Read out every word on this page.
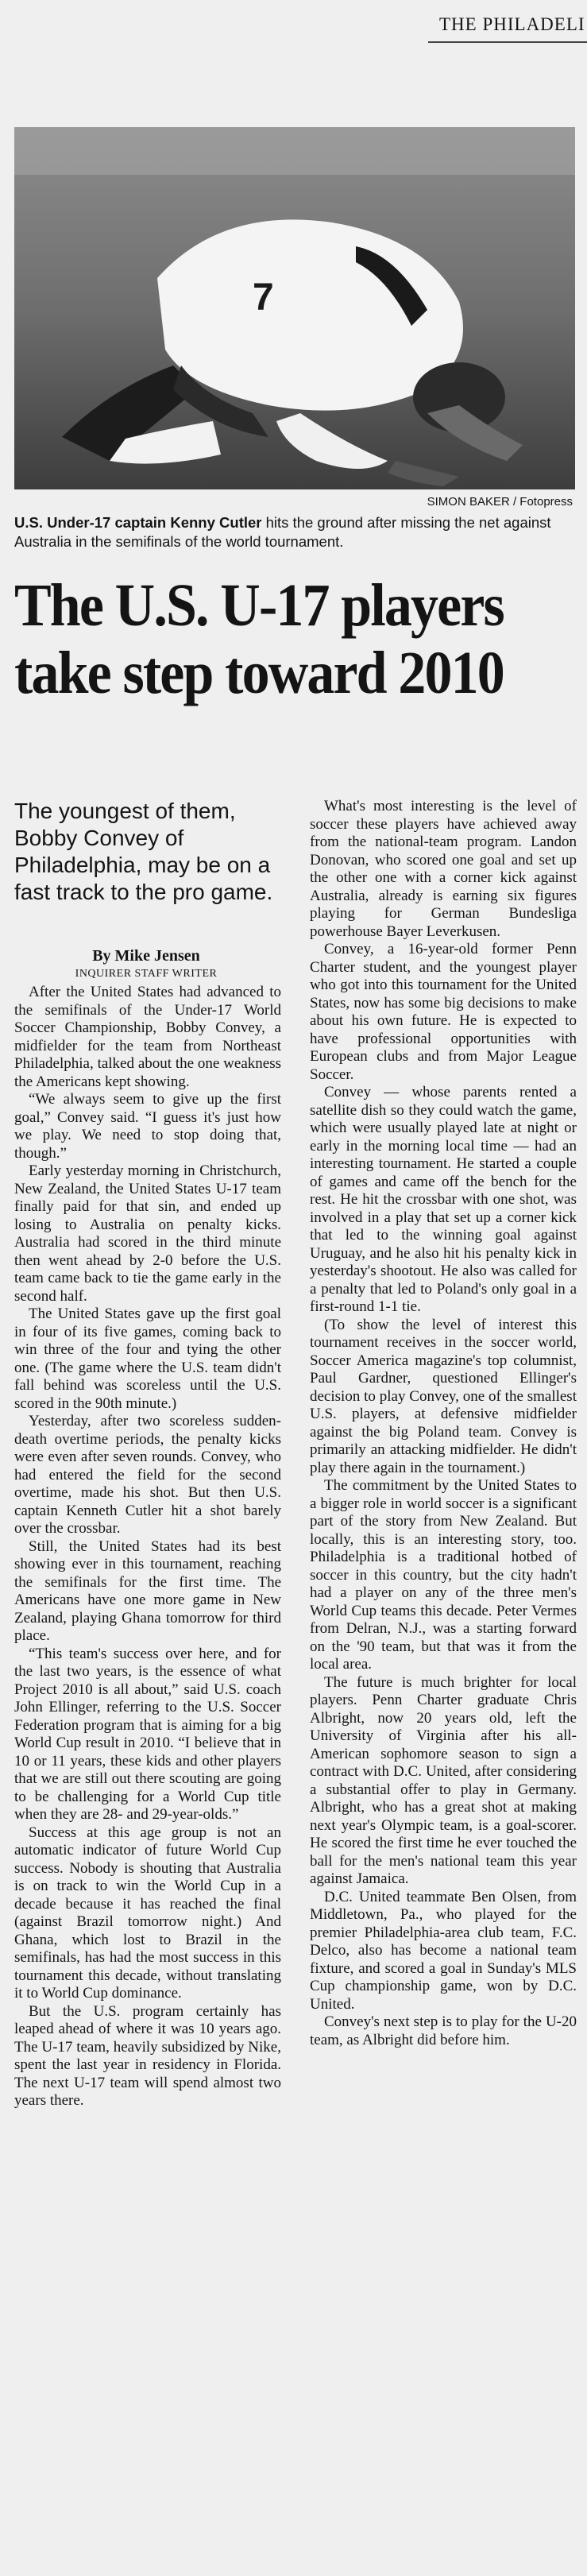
THE PHILADELI
7
SIMON BAKER / Fotopress
U.S. Under-17 captain Kenny Cutler hits the ground after missing the net against Australia in the semifinals of the world tournament.
The U.S. U-17 players
take step toward 2010
The youngest of them, Bobby Convey of Philadelphia, may be on a fast track to the pro game.
By Mike Jensen
INQUIRER STAFF WRITER

After the United States had advanced to the semifinals of the Under-17 World Soccer Championship, Bobby Convey, a midfielder for the team from Northeast Philadelphia, talked about the one weakness the Americans kept showing.

“We always seem to give up the first goal,” Convey said. “I guess it's just how we play. We need to stop doing that, though.”

Early yesterday morning in Christchurch, New Zealand, the United States U-17 team finally paid for that sin, and ended up losing to Australia on penalty kicks. Australia had scored in the third minute then went ahead by 2-0 before the U.S. team came back to tie the game early in the second half.

The United States gave up the first goal in four of its five games, coming back to win three of the four and tying the other one. (The game where the U.S. team didn't fall behind was scoreless until the U.S. scored in the 90th minute.)

Yesterday, after two scoreless sudden-death overtime periods, the penalty kicks were even after seven rounds. Convey, who had entered the field for the second overtime, made his shot. But then U.S. captain Kenneth Cutler hit a shot barely over the crossbar.

Still, the United States had its best showing ever in this tournament, reaching the semifinals for the first time. The Americans have one more game in New Zealand, playing Ghana tomorrow for third place.

“This team's success over here, and for the last two years, is the essence of what Project 2010 is all about,” said U.S. coach John Ellinger, referring to the U.S. Soccer Federation program that is aiming for a big World Cup result in 2010. “I believe that in 10 or 11 years, these kids and other players that we are still out there scouting are going to be challenging for a World Cup title when they are 28- and 29-year-olds.”

Success at this age group is not an automatic indicator of future World Cup success. Nobody is shouting that Australia is on track to win the World Cup in a decade because it has reached the final (against Brazil tomorrow night.) And Ghana, which lost to Brazil in the semifinals, has had the most success in this tournament this decade, without translating it to World Cup dominance.

But the U.S. program certainly has leaped ahead of where it was 10 years ago. The U-17 team, heavily subsidized by Nike, spent the last year in residency in Florida. The next U-17 team will spend almost two years there.

What's most interesting is the level of soccer these players have achieved away from the national-team program. Landon Donovan, who scored one goal and set up the other one with a corner kick against Australia, already is earning six figures playing for German Bundesliga powerhouse Bayer Leverkusen.

Convey, a 16-year-old former Penn Charter student, and the youngest player who got into this tournament for the United States, now has some big decisions to make about his own future. He is expected to have professional opportunities with European clubs and from Major League Soccer.

Convey — whose parents rented a satellite dish so they could watch the game, which were usually played late at night or early in the morning local time — had an interesting tournament. He started a couple of games and came off the bench for the rest. He hit the crossbar with one shot, was involved in a play that set up a corner kick that led to the winning goal against Uruguay, and he also hit his penalty kick in yesterday's shootout. He also was called for a penalty that led to Poland's only goal in a first-round 1-1 tie.

(To show the level of interest this tournament receives in the soccer world, Soccer America magazine's top columnist, Paul Gardner, questioned Ellinger's decision to play Convey, one of the smallest U.S. players, at defensive midfielder against the big Poland team. Convey is primarily an attacking midfielder. He didn't play there again in the tournament.)

The commitment by the United States to a bigger role in world soccer is a significant part of the story from New Zealand. But locally, this is an interesting story, too. Philadelphia is a traditional hotbed of soccer in this country, but the city hadn't had a player on any of the three men's World Cup teams this decade. Peter Vermes from Delran, N.J., was a starting forward on the '90 team, but that was it from the local area.

The future is much brighter for local players. Penn Charter graduate Chris Albright, now 20 years old, left the University of Virginia after his all-American sophomore season to sign a contract with D.C. United, after considering a substantial offer to play in Germany. Albright, who has a great shot at making next year's Olympic team, is a goal-scorer. He scored the first time he ever touched the ball for the men's national team this year against Jamaica.

D.C. United teammate Ben Olsen, from Middletown, Pa., who played for the premier Philadelphia-area club team, F.C. Delco, also has become a national team fixture, and scored a goal in Sunday's MLS Cup championship game, won by D.C. United.

Convey's next step is to play for the U-20 team, as Albright did before him.
